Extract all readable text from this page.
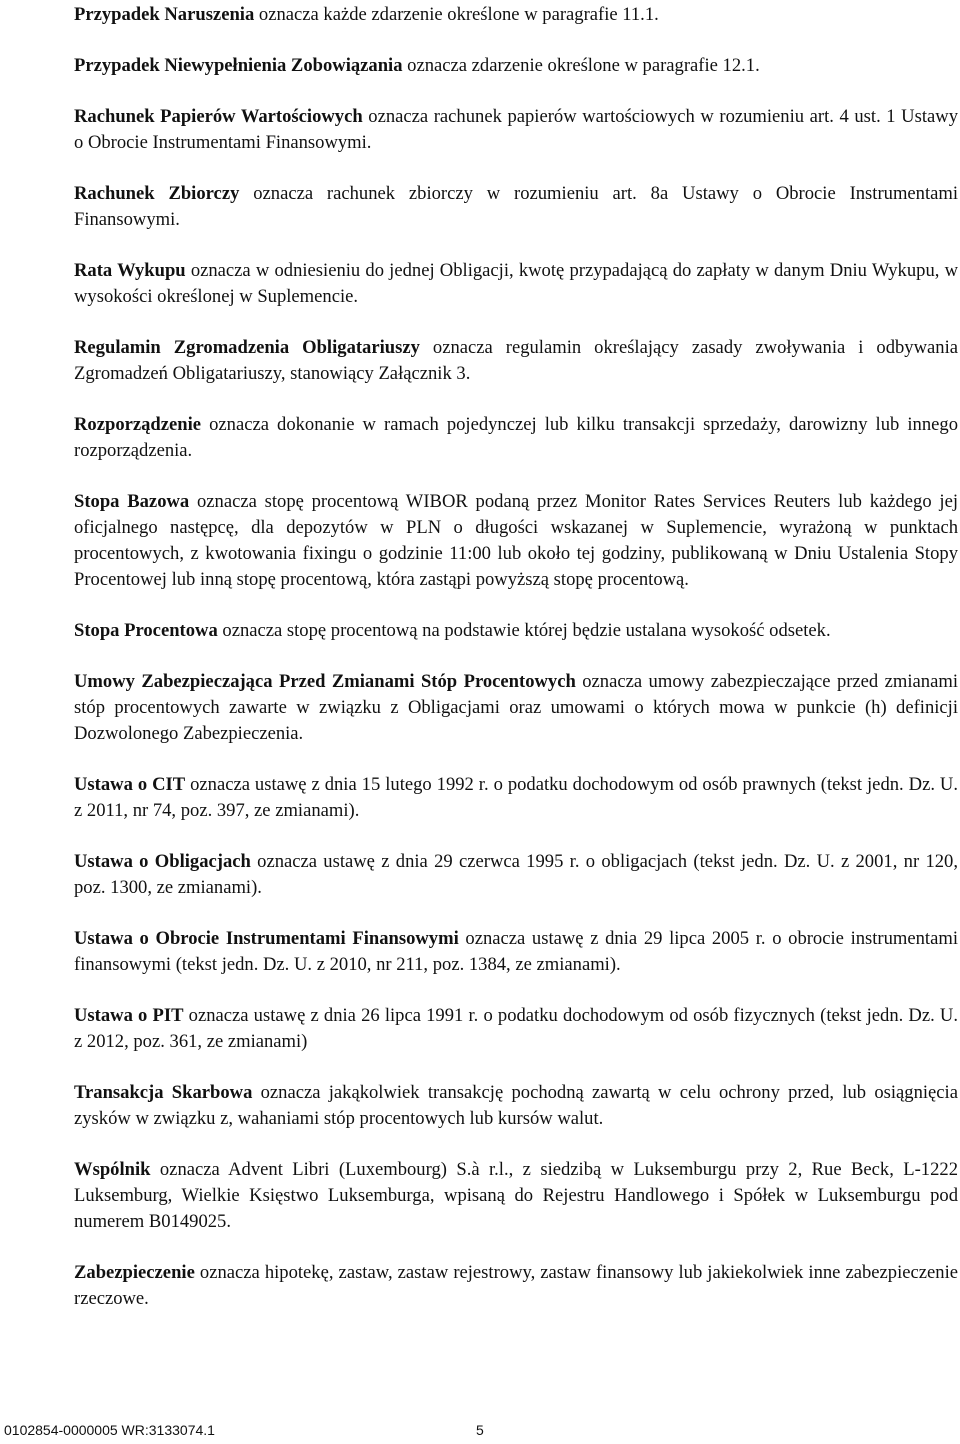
Przypadek Naruszenia oznacza każde zdarzenie określone w paragrafie 11.1.

Przypadek Niewypełnienia Zobowiązania oznacza zdarzenie określone w paragrafie 12.1.

Rachunek Papierów Wartościowych oznacza rachunek papierów wartościowych w rozumieniu art. 4 ust. 1 Ustawy o Obrocie Instrumentami Finansowymi.

Rachunek Zbiorczy oznacza rachunek zbiorczy w rozumieniu art. 8a Ustawy o Obrocie Instrumentami Finansowymi.

Rata Wykupu oznacza w odniesieniu do jednej Obligacji, kwotę przypadającą do zapłaty w danym Dniu Wykupu, w wysokości określonej w Suplemencie.

Regulamin Zgromadzenia Obligatariuszy oznacza regulamin określający zasady zwoływania i odbywania Zgromadzeń Obligatariuszy, stanowiący Załącznik 3.

Rozporządzenie oznacza dokonanie w ramach pojedynczej lub kilku transakcji sprzedaży, darowizny lub innego rozporządzenia.

Stopa Bazowa oznacza stopę procentową WIBOR podaną przez Monitor Rates Services Reuters lub każdego jej oficjalnego następcę, dla depozytów w PLN o długości wskazanej w Suplemencie, wyrażoną w punktach procentowych, z kwotowania fixingu o godzinie 11:00 lub około tej godziny, publikowaną w Dniu Ustalenia Stopy Procentowej lub inną stopę procentową, która zastąpi powyższą stopę procentową.

Stopa Procentowa oznacza stopę procentową na podstawie której będzie ustalana wysokość odsetek.

Umowy Zabezpieczająca Przed Zmianami Stóp Procentowych oznacza umowy zabezpieczające przed zmianami stóp procentowych zawarte w związku z Obligacjami oraz umowami o których mowa w punkcie (h) definicji Dozwolonego Zabezpieczenia.

Ustawa o CIT oznacza ustawę z dnia 15 lutego 1992 r. o podatku dochodowym od osób prawnych (tekst jedn. Dz. U. z 2011, nr 74, poz. 397, ze zmianami).

Ustawa o Obligacjach oznacza ustawę z dnia 29 czerwca 1995 r. o obligacjach (tekst jedn. Dz. U. z 2001, nr 120, poz. 1300, ze zmianami).

Ustawa o Obrocie Instrumentami Finansowymi oznacza ustawę z dnia 29 lipca 2005 r. o obrocie instrumentami finansowymi (tekst jedn. Dz. U. z 2010, nr 211, poz. 1384, ze zmianami).

Ustawa o PIT oznacza ustawę z dnia 26 lipca 1991 r. o podatku dochodowym od osób fizycznych (tekst jedn. Dz. U. z 2012, poz. 361, ze zmianami)

Transakcja Skarbowa oznacza jakąkolwiek transakcję pochodną zawartą w celu ochrony przed, lub osiągnięcia zysków w związku z, wahaniami stóp procentowych lub kursów walut.

Wspólnik oznacza Advent Libri (Luxembourg) S.à r.l., z siedzibą w Luksemburgu przy 2, Rue Beck, L-1222 Luksemburg, Wielkie Księstwo Luksemburga, wpisaną do Rejestru Handlowego i Spółek w Luksemburgu pod numerem B0149025.

Zabezpieczenie oznacza hipotekę, zastaw, zastaw rejestrowy, zastaw finansowy lub jakiekolwiek inne zabezpieczenie rzeczowe.

0102854-0000005 WR:3133074.1	5
